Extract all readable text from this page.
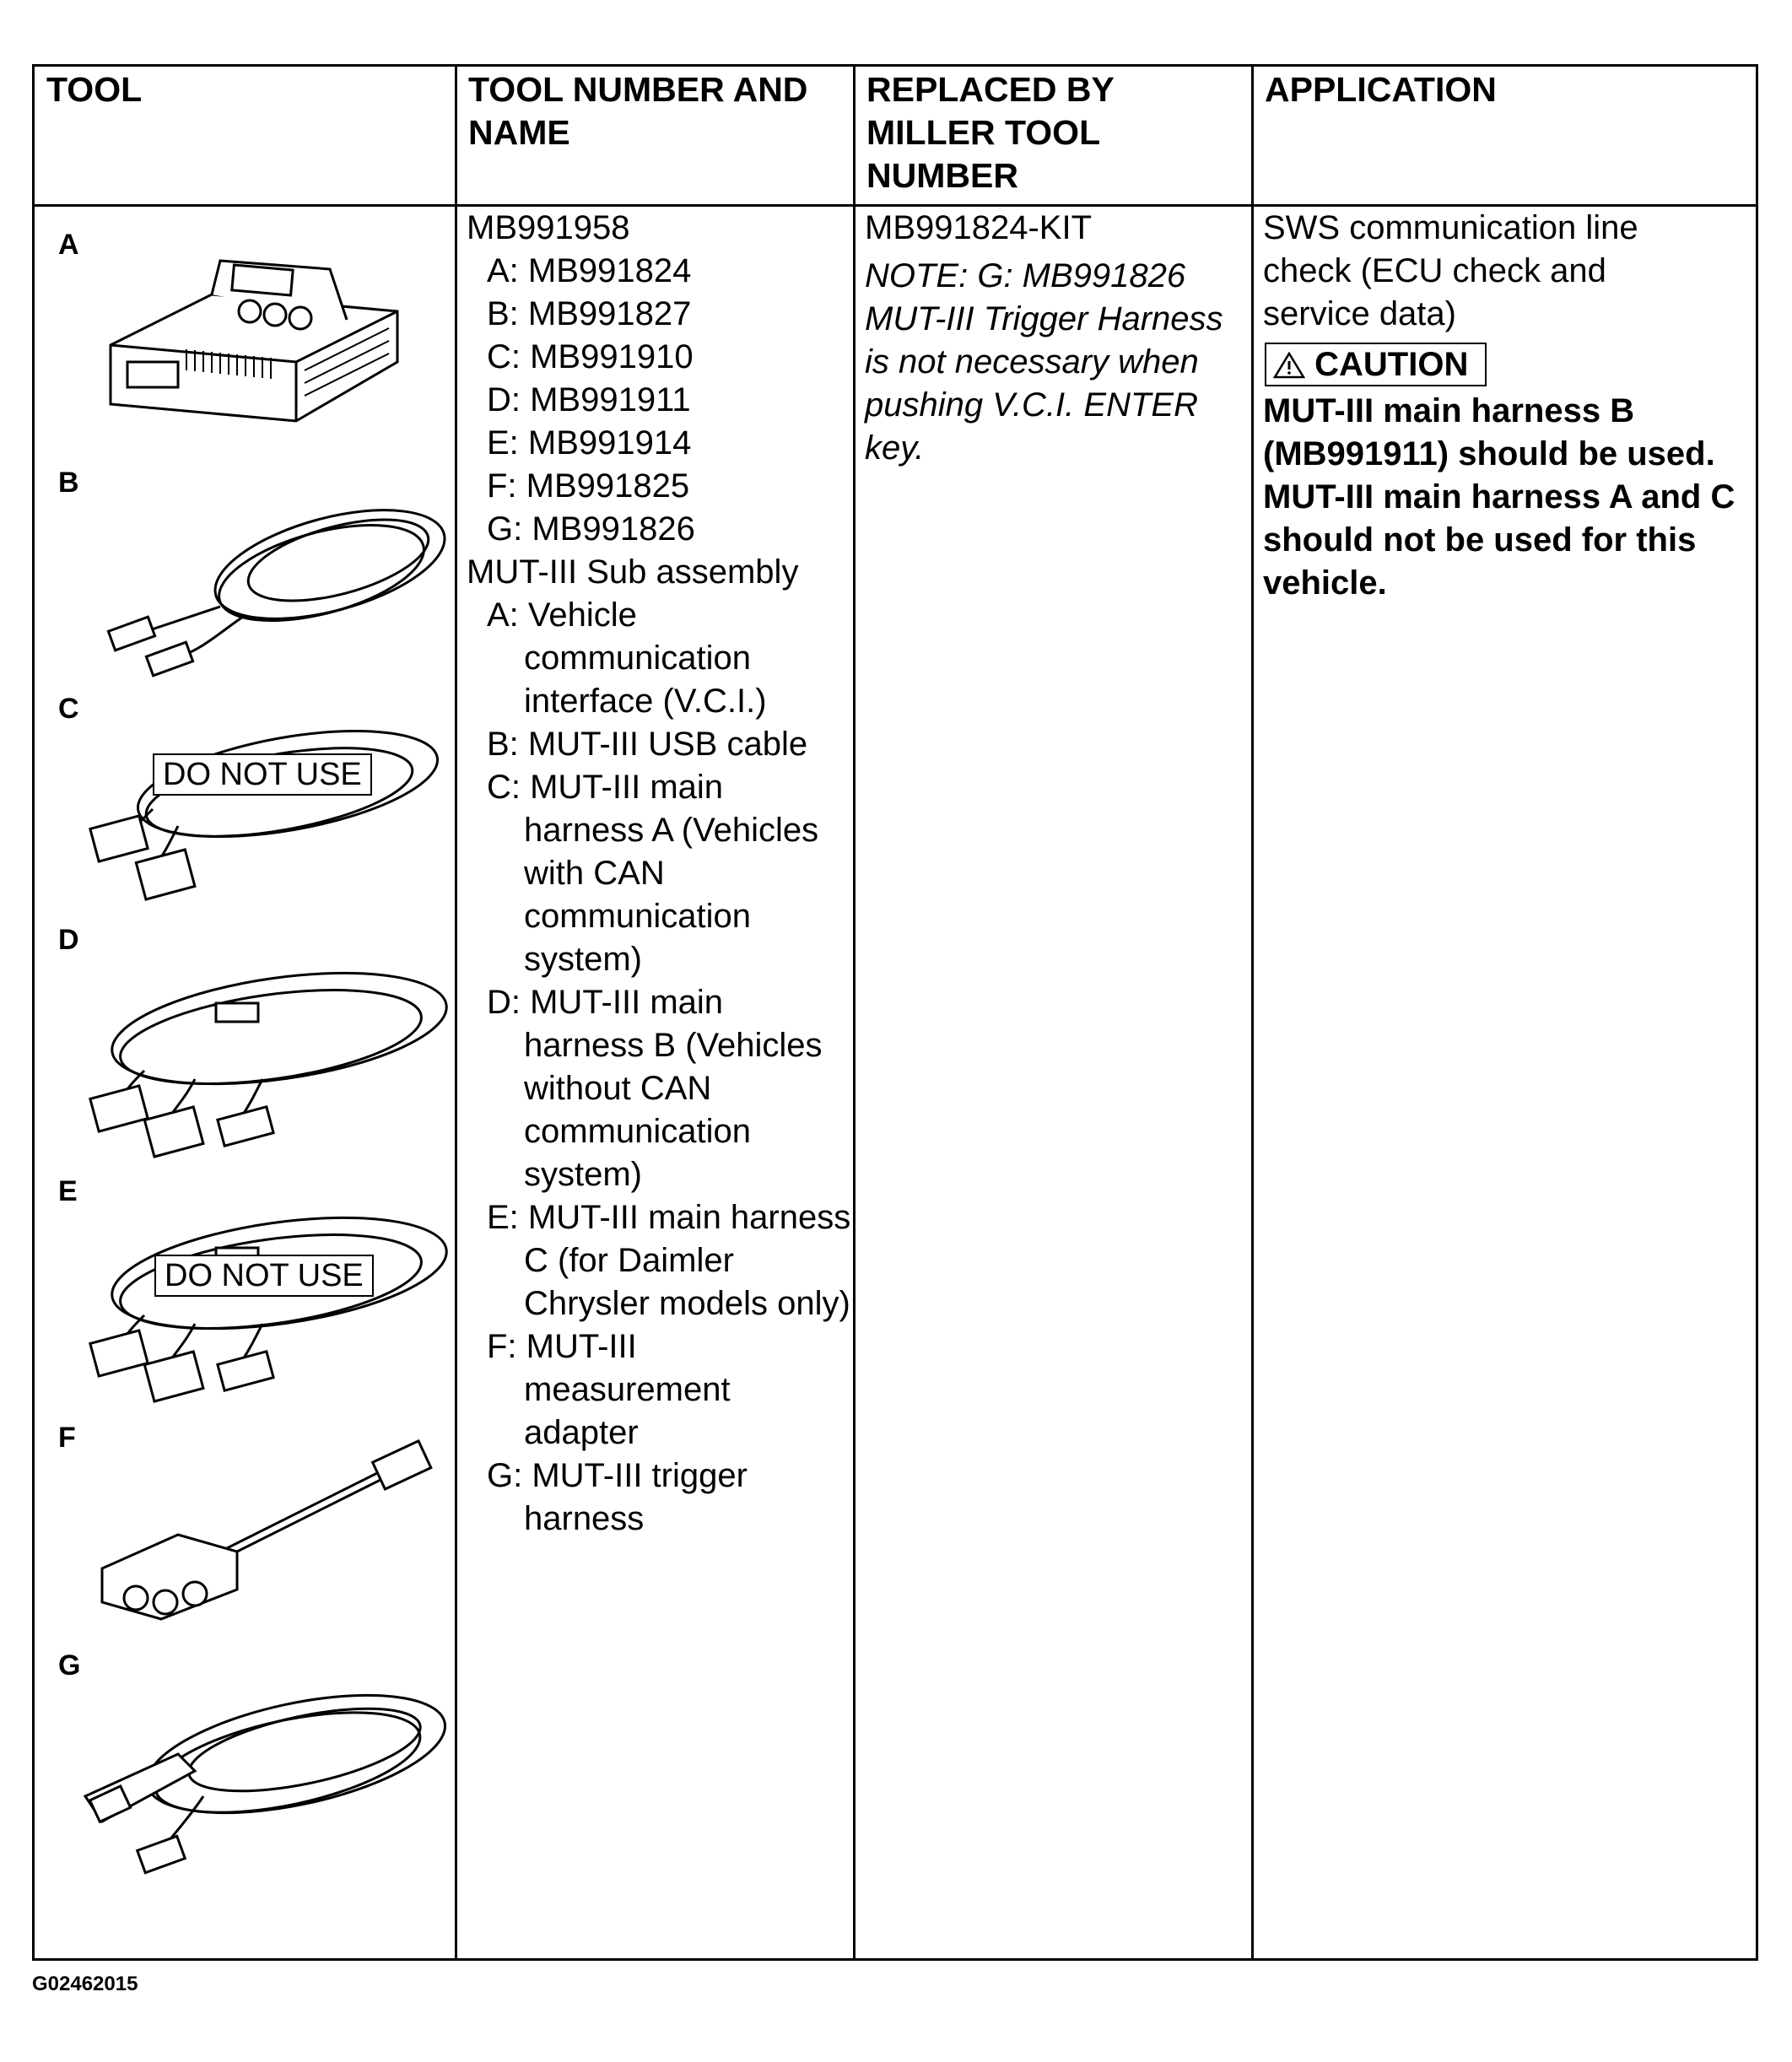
TOOL	TOOL NUMBER AND NAME
REPLACED BY MILLER TOOL NUMBER
APPLICATION
A
B
C
D
E
F
G
DO NOT USE
DO NOT USE
MB991958
A: MB991824
B: MB991827
C: MB991910
D: MB991911
E: MB991914
F: MB991825
G: MB991826
MUT-III Sub assembly
A: Vehicle communication interface (V.C.I.)
B: MUT-III USB cable
C: MUT-III main harness A (Vehicles with CAN communication system)
D: MUT-III main harness B (Vehicles without CAN communication system)
E: MUT-III main harness C (for Daimler Chrysler models only)
F: MUT-III measurement adapter
G: MUT-III trigger harness
MB991824-KIT
NOTE: G: MB991826 MUT-III Trigger Harness is not necessary when pushing V.C.I. ENTER key.
SWS communication line check (ECU check and service data)
CAUTION
MUT-III main harness B (MB991911) should be used. MUT-III main harness A and C should not be used for this vehicle.
G02462015
